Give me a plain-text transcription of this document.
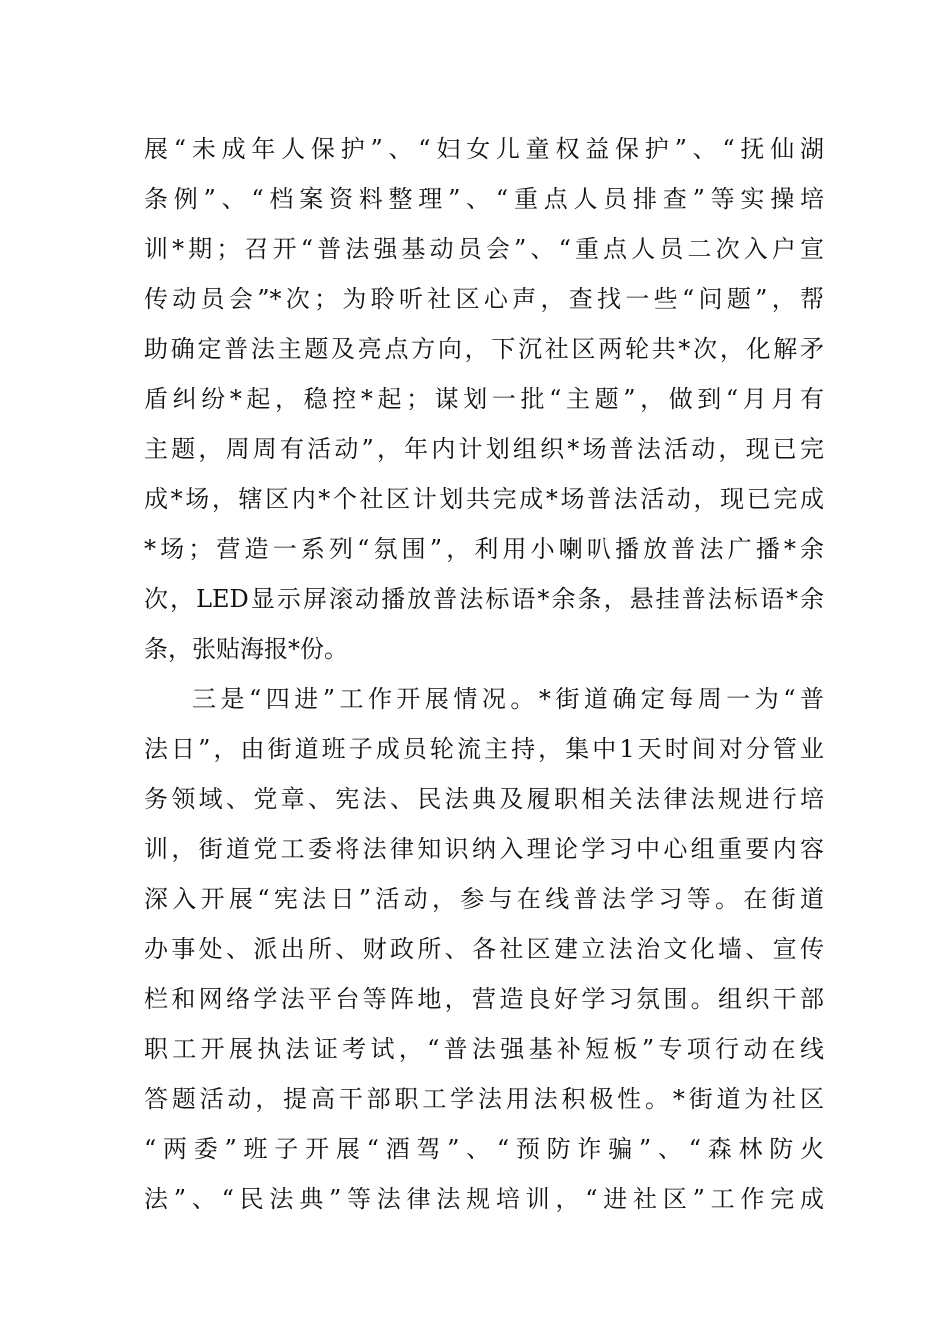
展“未成年人保护”、“妇女儿童权益保护”、“抚仙湖
条例”、“档案资料整理”、“重点人员排查”等实操培
训*期；召开“普法强基动员会”、“重点人员二次入户宣
传动员会”*次；为聆听社区心声，查找一些“问题”，帮
助确定普法主题及亮点方向，下沉社区两轮共*次，化解矛
盾纠纷*起，稳控*起；谋划一批“主题”，做到“月月有
主题，周周有活动”，年内计划组织*场普法活动，现已完
成*场，辖区内*个社区计划共完成*场普法活动，现已完成
*场；营造一系列“氛围”，利用小喇叭播放普法广播*余
次，LED显示屏滚动播放普法标语*余条，悬挂普法标语*余
条，张贴海报*份。
三是“四进”工作开展情况。*街道确定每周一为“普
法日”，由街道班子成员轮流主持，集中1天时间对分管业
务领域、党章、宪法、民法典及履职相关法律法规进行培
训，街道党工委将法律知识纳入理论学习中心组重要内容
深入开展“宪法日”活动，参与在线普法学习等。在街道
办事处、派出所、财政所、各社区建立法治文化墙、宣传
栏和网络学法平台等阵地，营造良好学习氛围。组织干部
职工开展执法证考试，“普法强基补短板”专项行动在线
答题活动，提高干部职工学法用法积极性。*街道为社区
“两委”班子开展“酒驾”、“预防诈骗”、“森林防火
法”、“民法典”等法律法规培训，“进社区”工作完成
